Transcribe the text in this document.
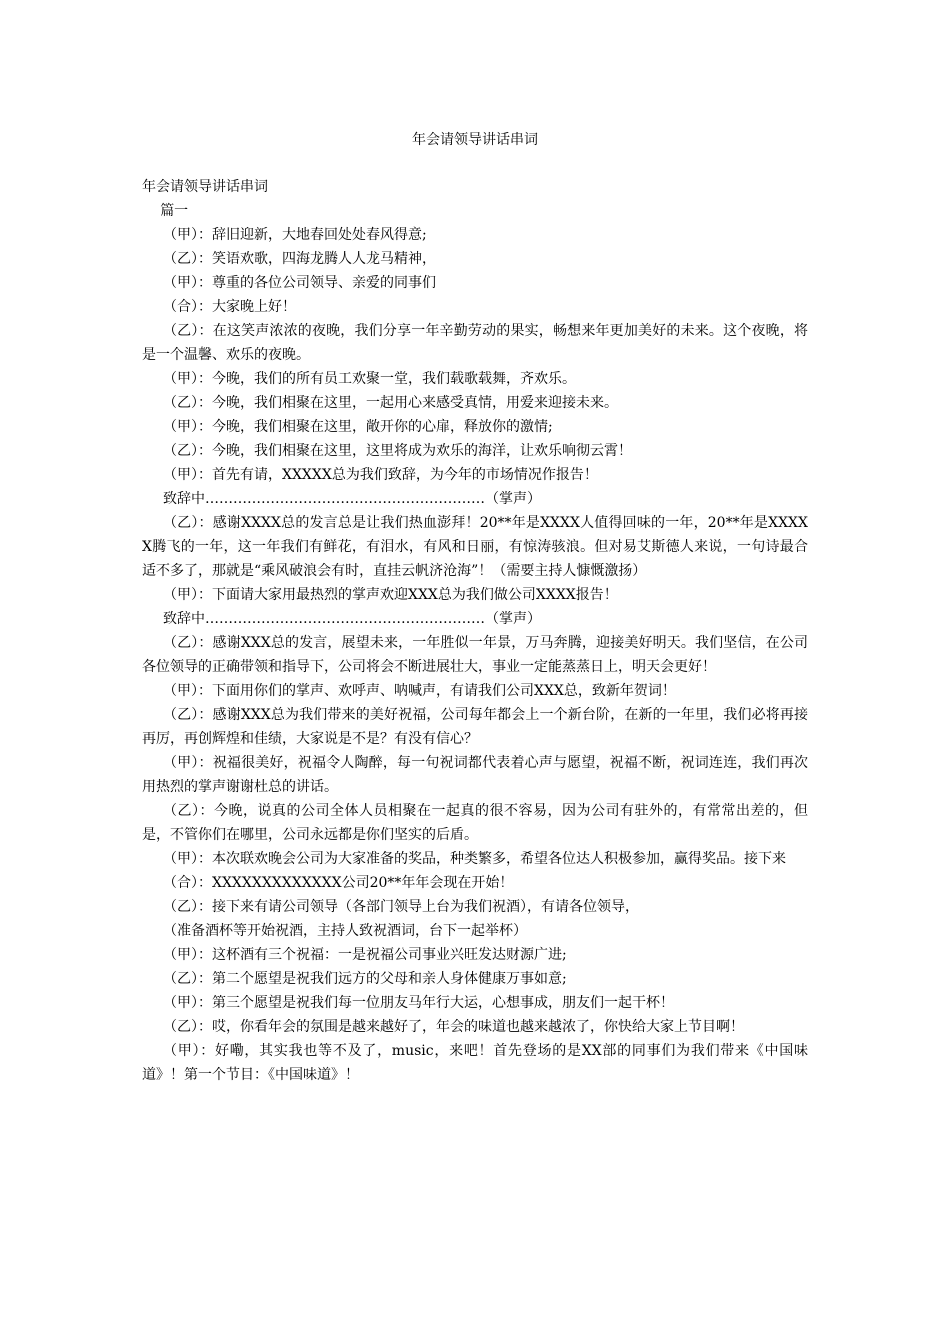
年会请领导讲话串词

年会请领导讲话串词

篇一

（甲）：辞旧迎新，大地春回处处春风得意;

（乙）：笑语欢歌，四海龙腾人人龙马精神，

（甲）：尊重的各位公司领导、亲爱的同事们

（合）：大家晚上好！

（乙）：在这笑声浓浓的夜晚，我们分享一年辛勤劳动的果实，畅想来年更加美好的未来。这个夜晚，将是一个温馨、欢乐的夜晚。

（甲）：今晚，我们的所有员工欢聚一堂，我们载歌载舞，齐欢乐。

（乙）：今晚，我们相聚在这里，一起用心来感受真情，用爱来迎接未来。

（甲）：今晚，我们相聚在这里，敞开你的心扉，释放你的激情;

（乙）：今晚，我们相聚在这里，这里将成为欢乐的海洋，让欢乐响彻云霄！

（甲）：首先有请，XXXXX总为我们致辞，为今年的市场情况作报告！

致辞中……………………………………………………（掌声）

（乙）：感谢XXXX总的发言总是让我们热血澎拜！20**年是XXXX人值得回味的一年，20**年是XXXXX腾飞的一年，这一年我们有鲜花，有泪水，有风和日丽，有惊涛骇浪。但对易艾斯德人来说，一句诗最合适不多了，那就是“乘风破浪会有时，直挂云帆济沧海”！（需要主持人慷慨激扬）

（甲）：下面请大家用最热烈的掌声欢迎XXX总为我们做公司XXXX报告！

致辞中……………………………………………………（掌声）

（乙）：感谢XXX总的发言，展望未来，一年胜似一年景，万马奔腾，迎接美好明天。我们坚信，在公司各位领导的正确带领和指导下，公司将会不断进展壮大，事业一定能蒸蒸日上，明天会更好！

（甲）：下面用你们的掌声、欢呼声、呐喊声，有请我们公司XXX总，致新年贺词！

（乙）：感谢XXX总为我们带来的美好祝福，公司每年都会上一个新台阶，在新的一年里，我们必将再接再厉，再创辉煌和佳绩，大家说是不是？有没有信心？

（甲）：祝福很美好，祝福令人陶醉，每一句祝词都代表着心声与愿望，祝福不断，祝词连连，我们再次用热烈的掌声谢谢杜总的讲话。

（乙）：今晚，说真的公司全体人员相聚在一起真的很不容易，因为公司有驻外的，有常常出差的，但是，不管你们在哪里，公司永远都是你们坚实的后盾。

（甲）：本次联欢晚会公司为大家准备的奖品，种类繁多，希望各位达人积极参加，赢得奖品。接下来

（合）：XXXXXXXXXXXXX公司20**年年会现在开始！

（乙）：接下来有请公司领导（各部门领导上台为我们祝酒），有请各位领导，

（准备酒杯等开始祝酒，主持人致祝酒词，台下一起举杯）

（甲）：这杯酒有三个祝福：一是祝福公司事业兴旺发达财源广进;

（乙）：第二个愿望是祝我们远方的父母和亲人身体健康万事如意;

（甲）：第三个愿望是祝我们每一位朋友马年行大运，心想事成，朋友们一起干杯！

（乙）：哎，你看年会的氛围是越来越好了，年会的味道也越来越浓了，你快给大家上节目啊！

（甲）：好嘞，其实我也等不及了，music，来吧！首先登场的是XX部的同事们为我们带来《中国味道》！第一个节目：《中国味道》！
